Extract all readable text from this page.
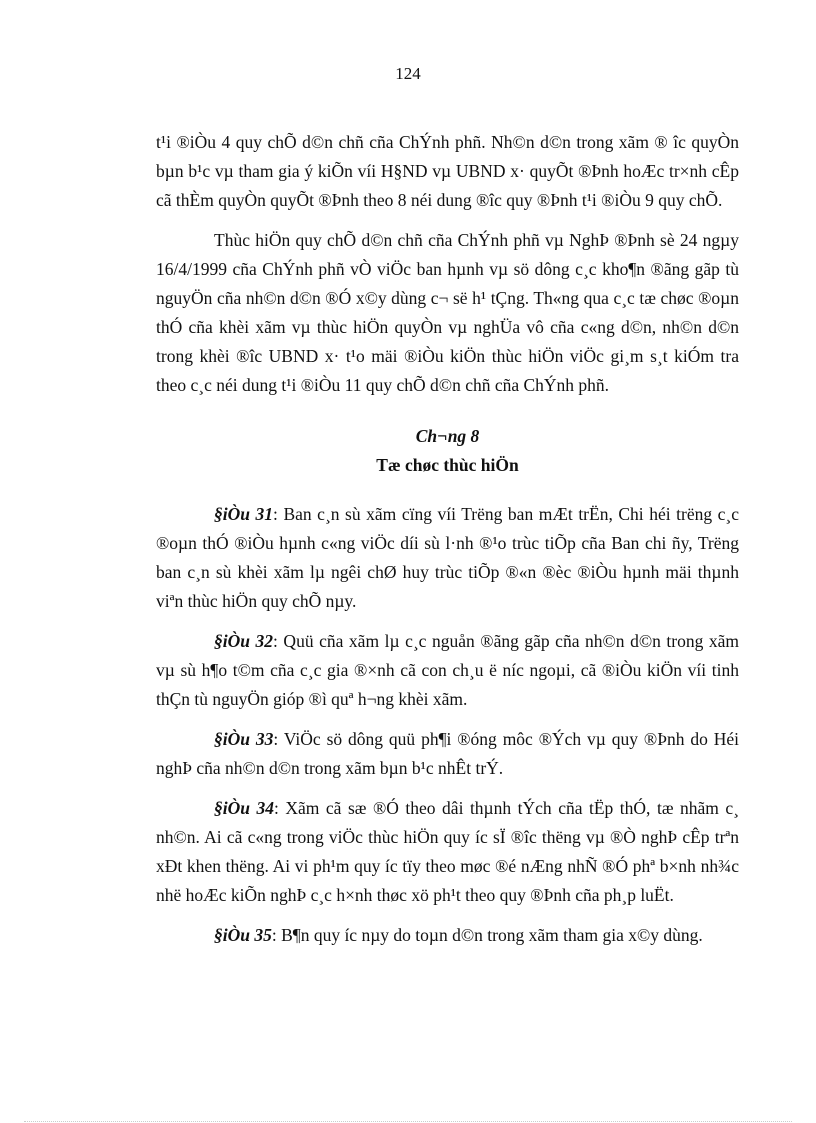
124

t¹i ®iÒu 4 quy chÕ d©n chñ cña ChÝnh phñ. Nh©n d©n trong xãm ® îc quyÒn bµn b¹c vµ tham gia ý kiÕn víi H§ND vµ UBND x· quyÕt ®Þnh hoÆc tr×nh cÊp cã thÈm quyÒn quyÕt ®Þnh theo 8 néi dung ®îc quy ®Þnh t¹i ®iÒu 9 quy chÕ.

Thùc hiÖn quy chÕ d©n chñ cña ChÝnh phñ vµ NghÞ ®Þnh sè 24 ngµy 16/4/1999 cña ChÝnh phñ vÒ viÖc ban hµnh vµ sö dông c¸c kho¶n ®ãng gãp tù nguyÖn cña nh©n d©n ®Ó x©y dùng c¬ së h¹ tÇng. Th«ng qua c¸c tæ chøc ®oµn thÓ cña khèi xãm vµ thùc hiÖn quyÒn vµ nghÜa vô cña c«ng d©n, nh©n d©n trong khèi ®îc UBND x· t¹o mäi ®iÒu kiÖn thùc hiÖn viÖc gi¸m s¸t kiÓm tra theo c¸c néi dung t¹i ®iÒu 11 quy chÕ d©n chñ cña ChÝnh phñ.

Ch¬ng 8

Tæ chøc thùc hiÖn

§iÒu 31: Ban c¸n sù xãm cïng víi Trëng ban mÆt trËn, Chi héi trëng c¸c ®oµn thÓ ®iÒu hµnh c«ng viÖc díi sù l·nh ®¹o trùc tiÕp cña Ban chi ñy, Trëng ban c¸n sù khèi xãm lµ ngêi chØ huy trùc tiÕp ®«n ®èc ®iÒu hµnh mäi thµnh viªn thùc hiÖn quy chÕ nµy.

§iÒu 32: Quü cña xãm lµ c¸c nguån ®ãng gãp cña nh©n d©n trong xãm vµ sù h¶o t©m cña c¸c gia ®×nh cã con ch¸u ë níc ngoµi, cã ®iÒu kiÖn víi tinh thÇn tù nguyÖn gióp ®ì quª h¬ng khèi xãm.

§iÒu 33: ViÖc sö dông quü ph¶i ®óng môc ®Ých vµ quy ®Þnh do Héi nghÞ cña nh©n d©n trong xãm bµn b¹c nhÊt trÝ.

§iÒu 34: Xãm cã sæ ®Ó theo dâi thµnh tÝch cña tËp thÓ, tæ nhãm c¸ nh©n. Ai cã c«ng trong viÖc thùc hiÖn quy íc sÏ ®îc thëng vµ ®Ò nghÞ cÊp trªn xÐt khen thëng. Ai vi ph¹m quy íc tïy theo møc ®é nÆng nhÑ ®Ó phª b×nh nh¾c nhë hoÆc kiÕn nghÞ c¸c h×nh thøc xö ph¹t theo quy ®Þnh cña ph¸p luËt.

§iÒu 35: B¶n quy íc nµy do toµn d©n trong xãm tham gia x©y dùng.
